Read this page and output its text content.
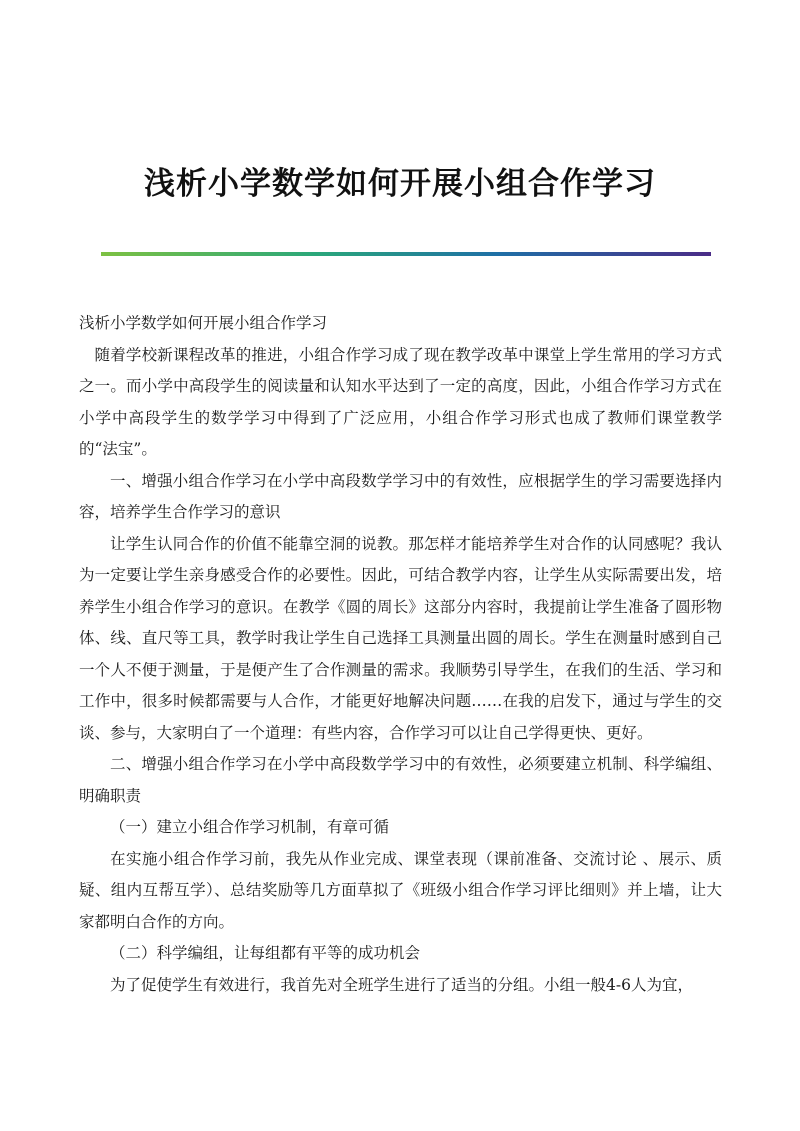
浅析小学数学如何开展小组合作学习

浅析小学数学如何开展小组合作学习

随着学校新课程改革的推进，小组合作学习成了现在教学改革中课堂上学生常用的学习方式之一。而小学中高段学生的阅读量和认知水平达到了一定的高度，因此，小组合作学习方式在小学中高段学生的数学学习中得到了广泛应用，小组合作学习形式也成了教师们课堂教学的“法宝”。

一、增强小组合作学习在小学中高段数学学习中的有效性，应根据学生的学习需要选择内容，培养学生合作学习的意识

让学生认同合作的价值不能靠空洞的说教。那怎样才能培养学生对合作的认同感呢？我认为一定要让学生亲身感受合作的必要性。因此，可结合教学内容，让学生从实际需要出发，培养学生小组合作学习的意识。在教学《圆的周长》这部分内容时，我提前让学生准备了圆形物体、线、直尺等工具，教学时我让学生自己选择工具测量出圆的周长。学生在测量时感到自己一个人不便于测量，于是便产生了合作测量的需求。我顺势引导学生，在我们的生活、学习和工作中，很多时候都需要与人合作，才能更好地解决问题……在我的启发下，通过与学生的交谈、参与，大家明白了一个道理：有些内容，合作学习可以让自己学得更快、更好。

二、增强小组合作学习在小学中高段数学学习中的有效性，必须要建立机制、科学编组、明确职责

（一）建立小组合作学习机制，有章可循

在实施小组合作学习前，我先从作业完成、课堂表现（课前准备、交流讨论 、展示、质疑、组内互帮互学）、总结奖励等几方面草拟了《班级小组合作学习评比细则》并上墙，让大家都明白合作的方向。

（二）科学编组，让每组都有平等的成功机会

为了促使学生有效进行，我首先对全班学生进行了适当的分组。小组一般4-6人为宜，
